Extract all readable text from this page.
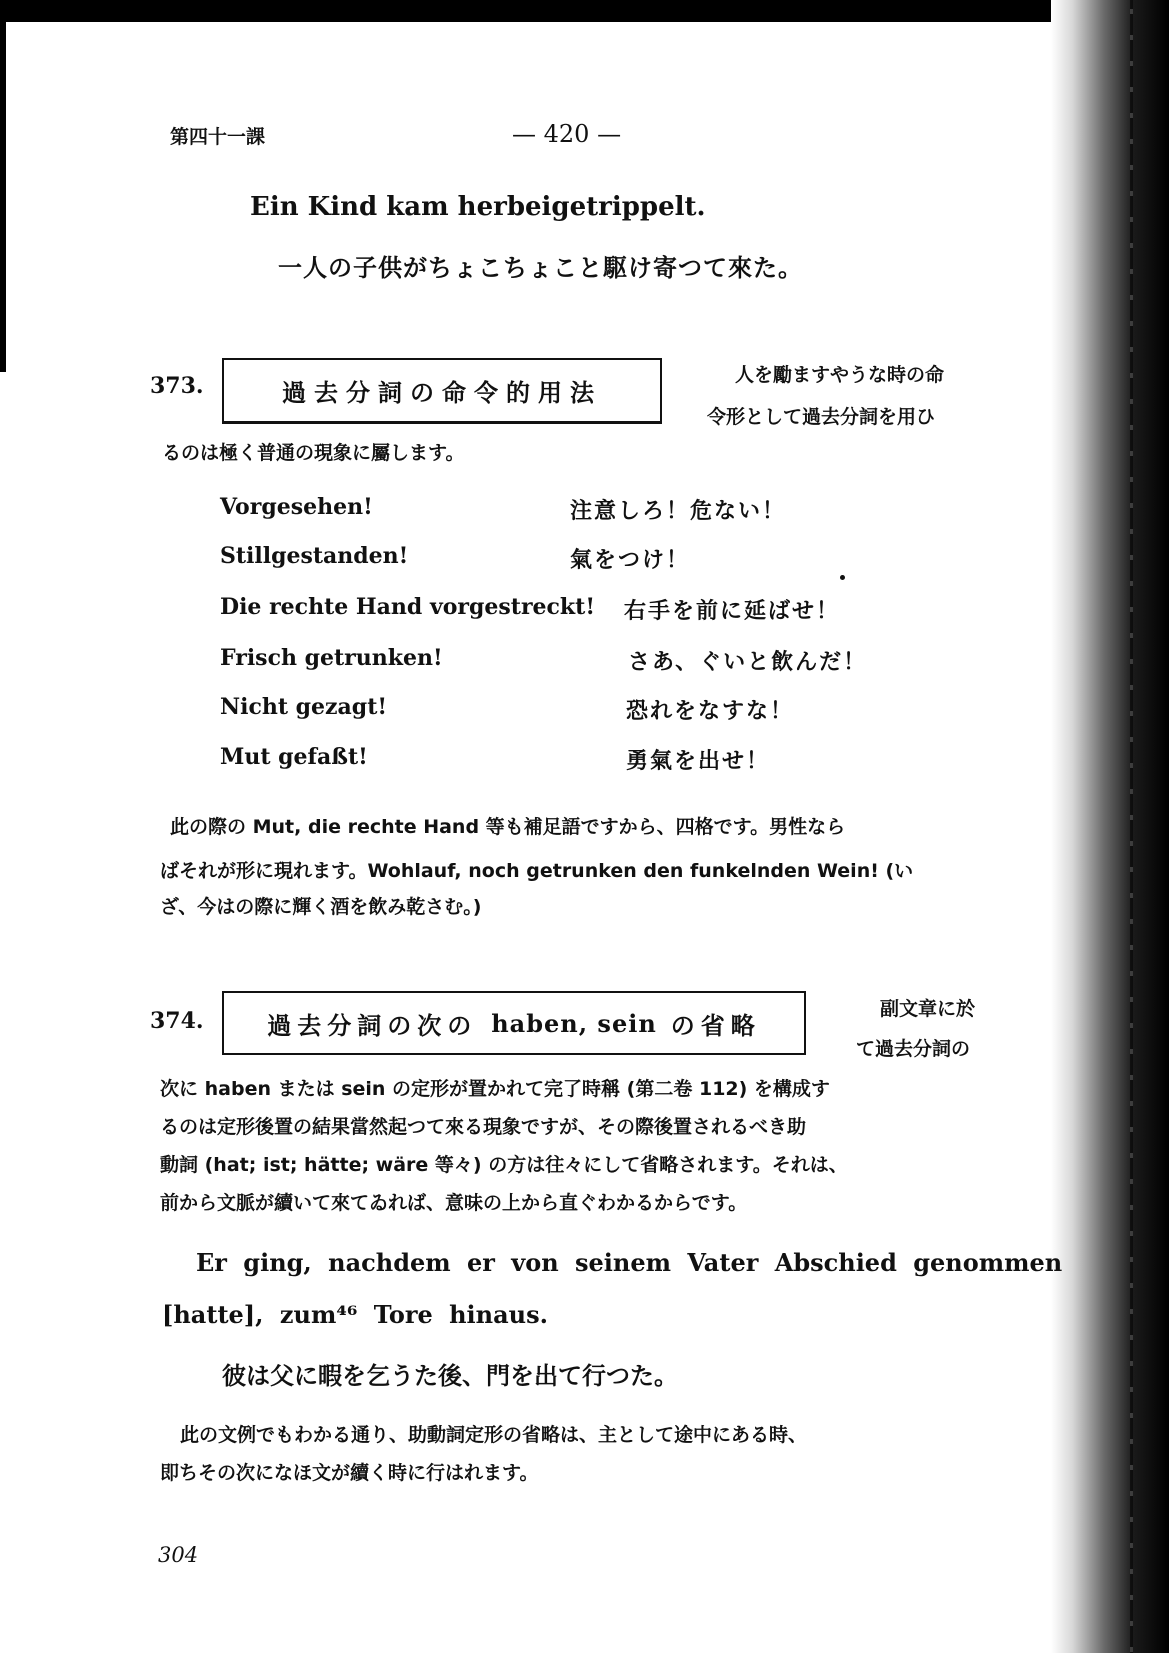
第四十一課	— 420 —
Ein Kind kam herbeigetrippelt.
一人の子供がちょこちょこと駆け寄つて來た。
373.	過去分詞の命令的用法
人を勵ますやうな時の命
令形として過去分詞を用ひ
るのは極く普通の現象に屬します。
Vorgesehen!	注意しろ！危ない！
Stillgestanden!	氣をつけ！
Die rechte Hand vorgestreckt! 右手を前に延ばせ！
Frisch getrunken!	さあ、ぐいと飲んだ！
Nicht gezagt!	恐れをなすな！
Mut gefaßt!	勇氣を出せ！
此の際の Mut, die rechte Hand 等も補足語ですから、四格です。男性なら
ばそれが形に現れます。Wohlauf, noch getrunken den funkelnden Wein! (い
ざ、今はの際に輝く酒を飲み乾さむ。)
374.	過去分詞の次の haben, sein の省略
副文章に於
て過去分詞の
次に haben または sein の定形が置かれて完了時稱 (第二卷 112) を構成す
るのは定形後置の結果當然起つて來る現象ですが、その際後置されるべき助
動詞 (hat; ist; hätte; wäre 等々) の方は往々にして省略されます。それは、
前から文脈が續いて來てゐれば、意味の上から直ぐわかるからです。
Er ging, nachdem er von seinem Vater Abschied genommen
[hatte], zum⁴⁶ Tore hinaus.
彼は父に暇を乞うた後、門を出て行つた。
此の文例でもわかる通り、助動詞定形の省略は、主として途中にある時、
即ちその次になほ文が續く時に行はれます。
304
